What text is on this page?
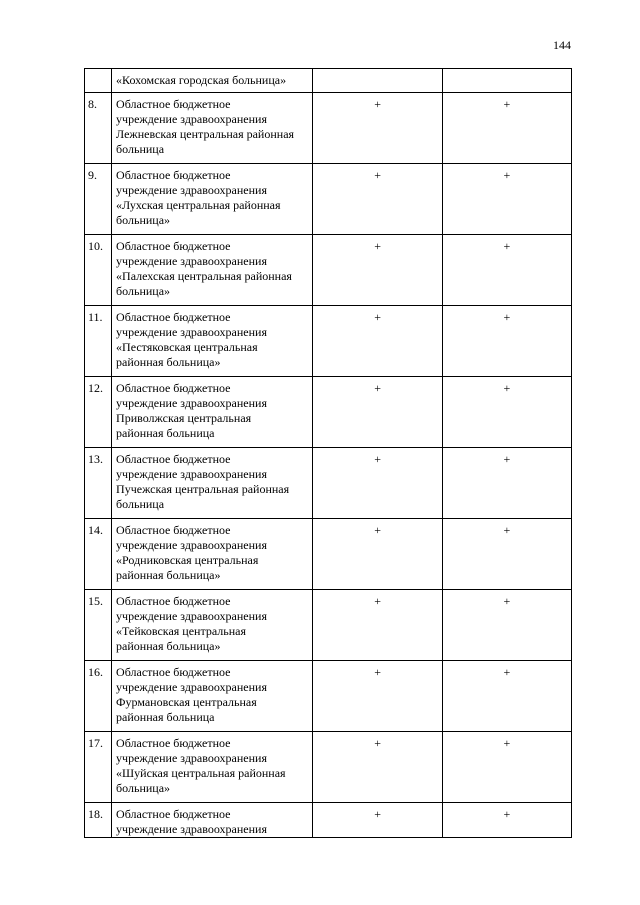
144

	«Кохомская городская больница»		

8.	Областное бюджетное
учреждение здравоохранения
Лежневская центральная районная
больница	+	+
9.	Областное бюджетное
учреждение здравоохранения
«Лухская центральная районная
больница»	+	+
10.	Областное бюджетное
учреждение здравоохранения
«Палехская центральная районная
больница»	+	+
11.	Областное бюджетное
учреждение здравоохранения
«Пестяковская центральная
районная больница»	+	+
12.	Областное бюджетное
учреждение здравоохранения
Приволжская центральная
районная больница	+	+
13.	Областное бюджетное
учреждение здравоохранения
Пучежская центральная районная
больница	+	+
14.	Областное бюджетное
учреждение здравоохранения
«Родниковская центральная
районная больница»	+	+
15.	Областное бюджетное
учреждение здравоохранения
«Тейковская центральная
районная больница»	+	+
16.	Областное бюджетное
учреждение здравоохранения
Фурмановская центральная
районная больница	+	+
17.	Областное бюджетное
учреждение здравоохранения
«Шуйская центральная районная
больница»	+	+
18.	Областное бюджетное
учреждение здравоохранения	+	+
